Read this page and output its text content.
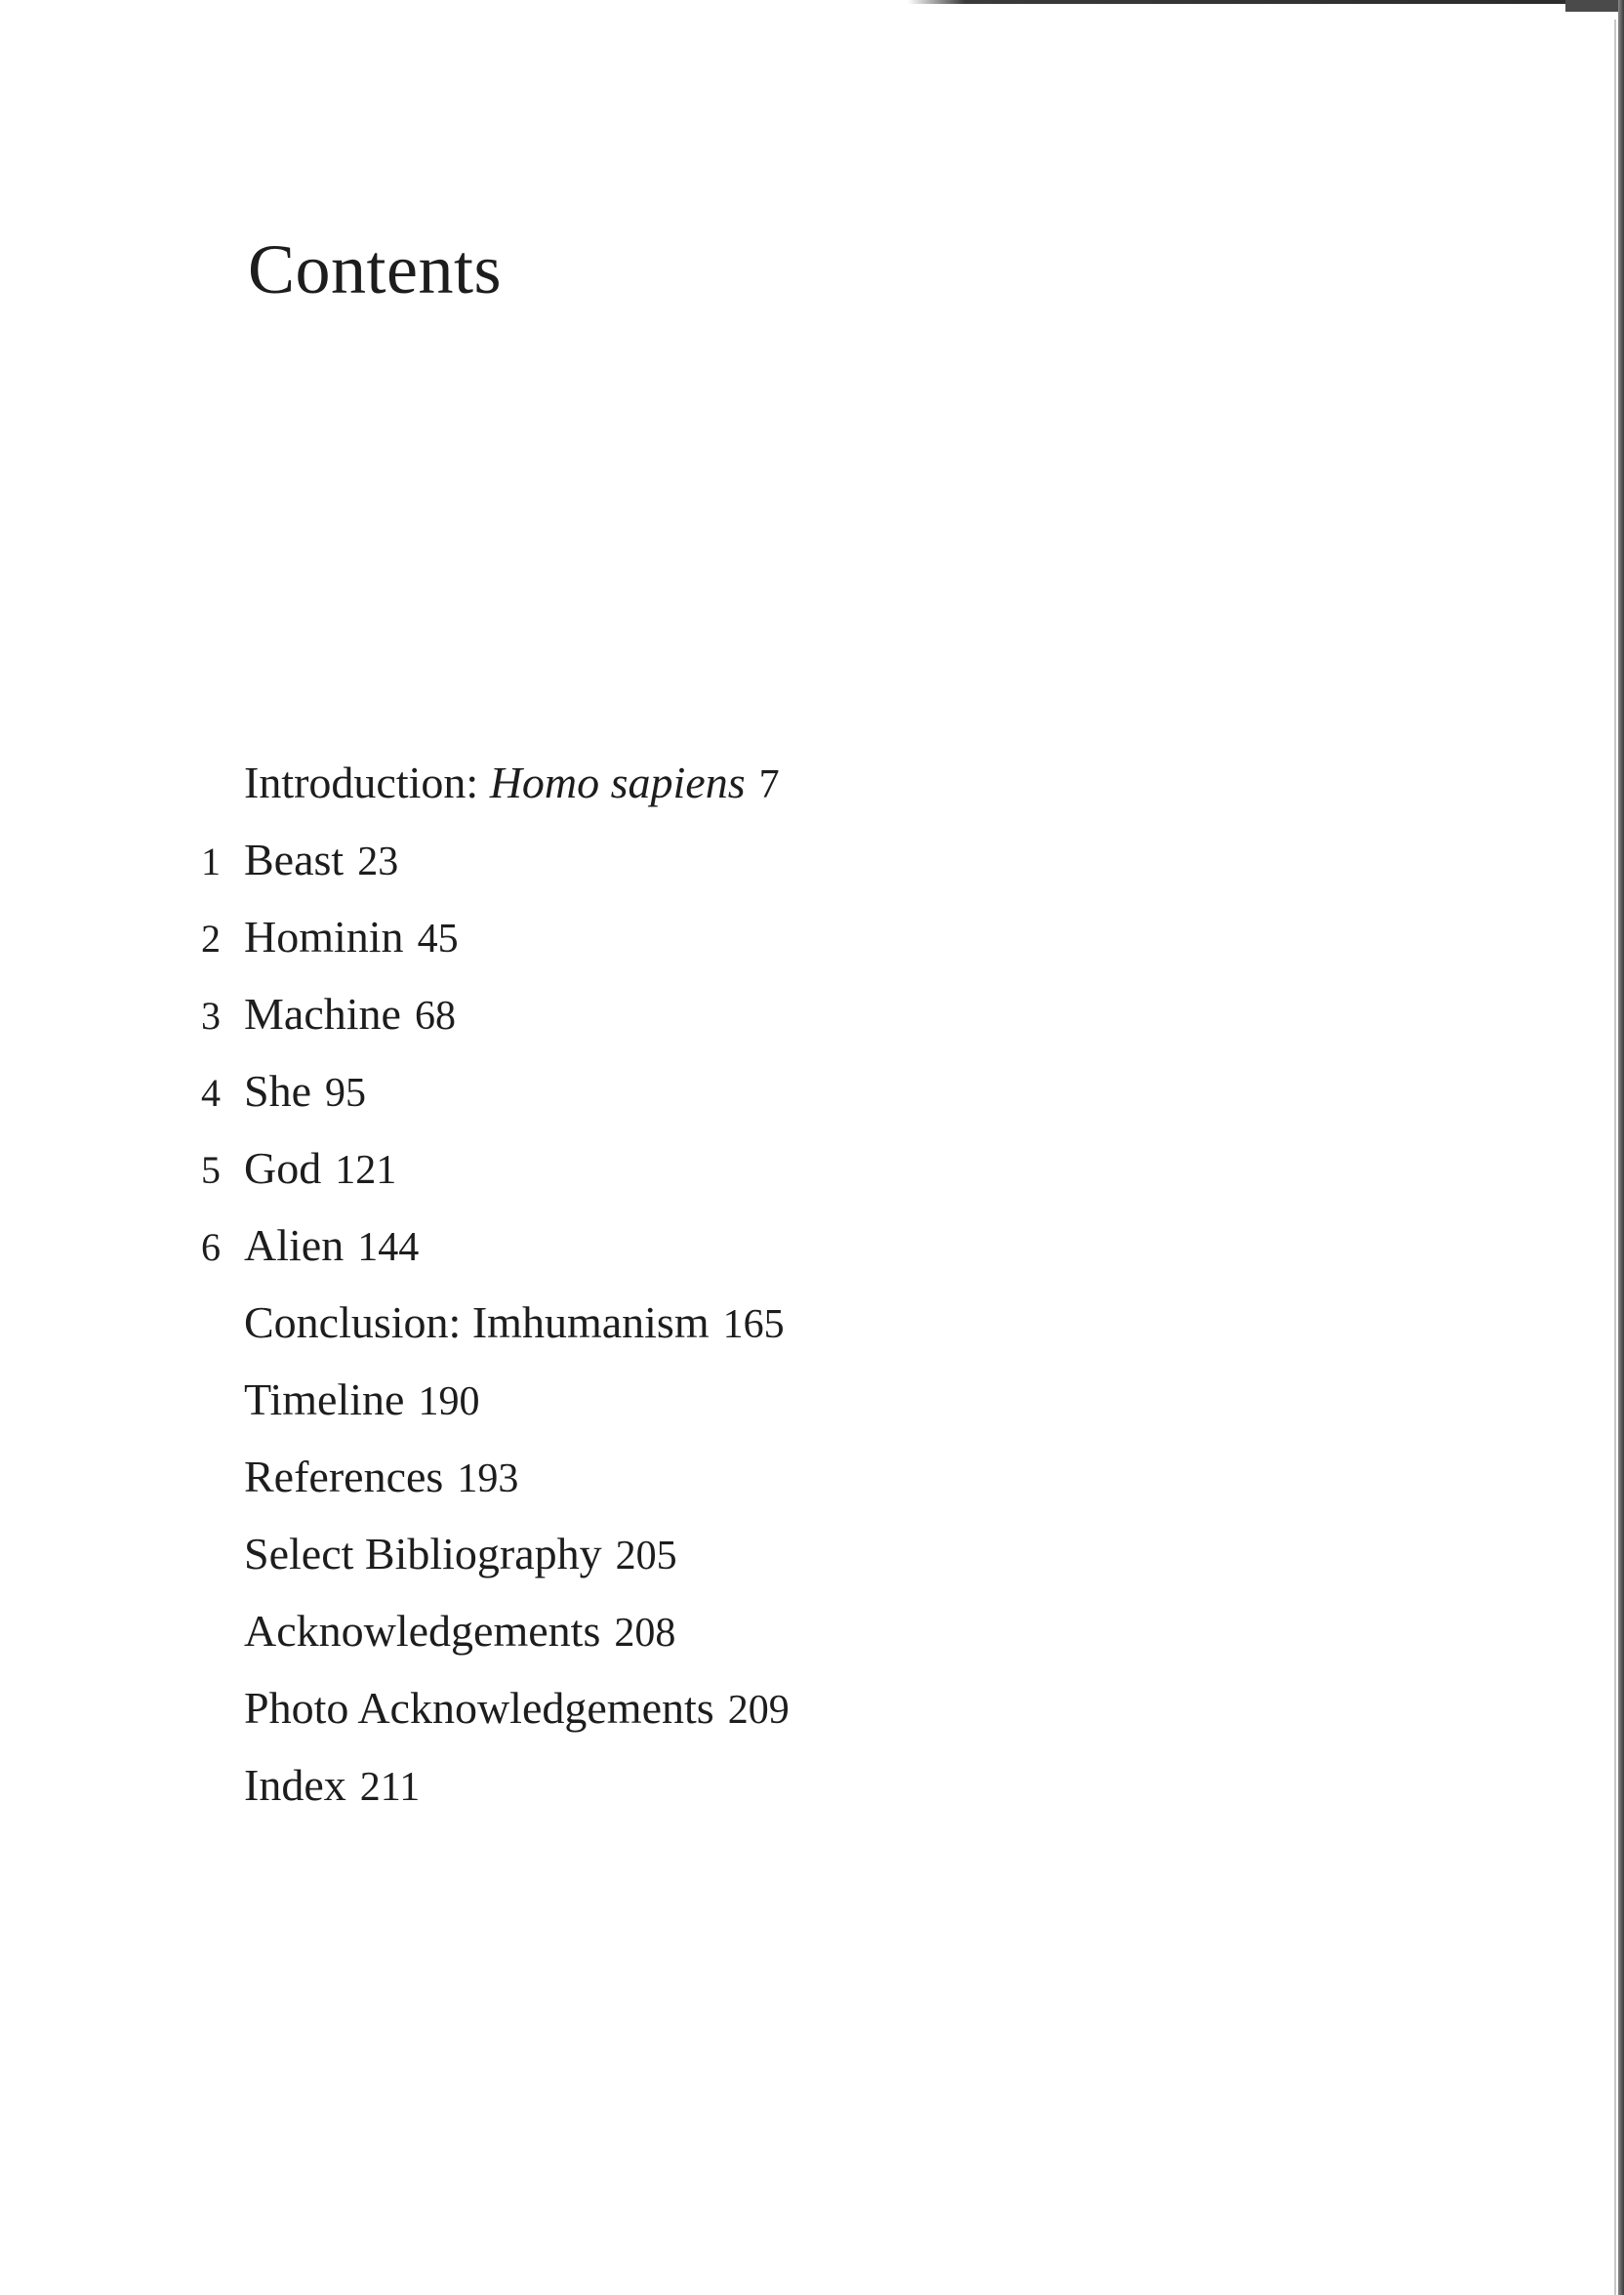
Contents
Introduction: Homo sapiens 7
1 Beast 23
2 Hominin 45
3 Machine 68
4 She 95
5 God 121
6 Alien 144
Conclusion: Imhumanism 165
Timeline 190
References 193
Select Bibliography 205
Acknowledgements 208
Photo Acknowledgements 209
Index 211
